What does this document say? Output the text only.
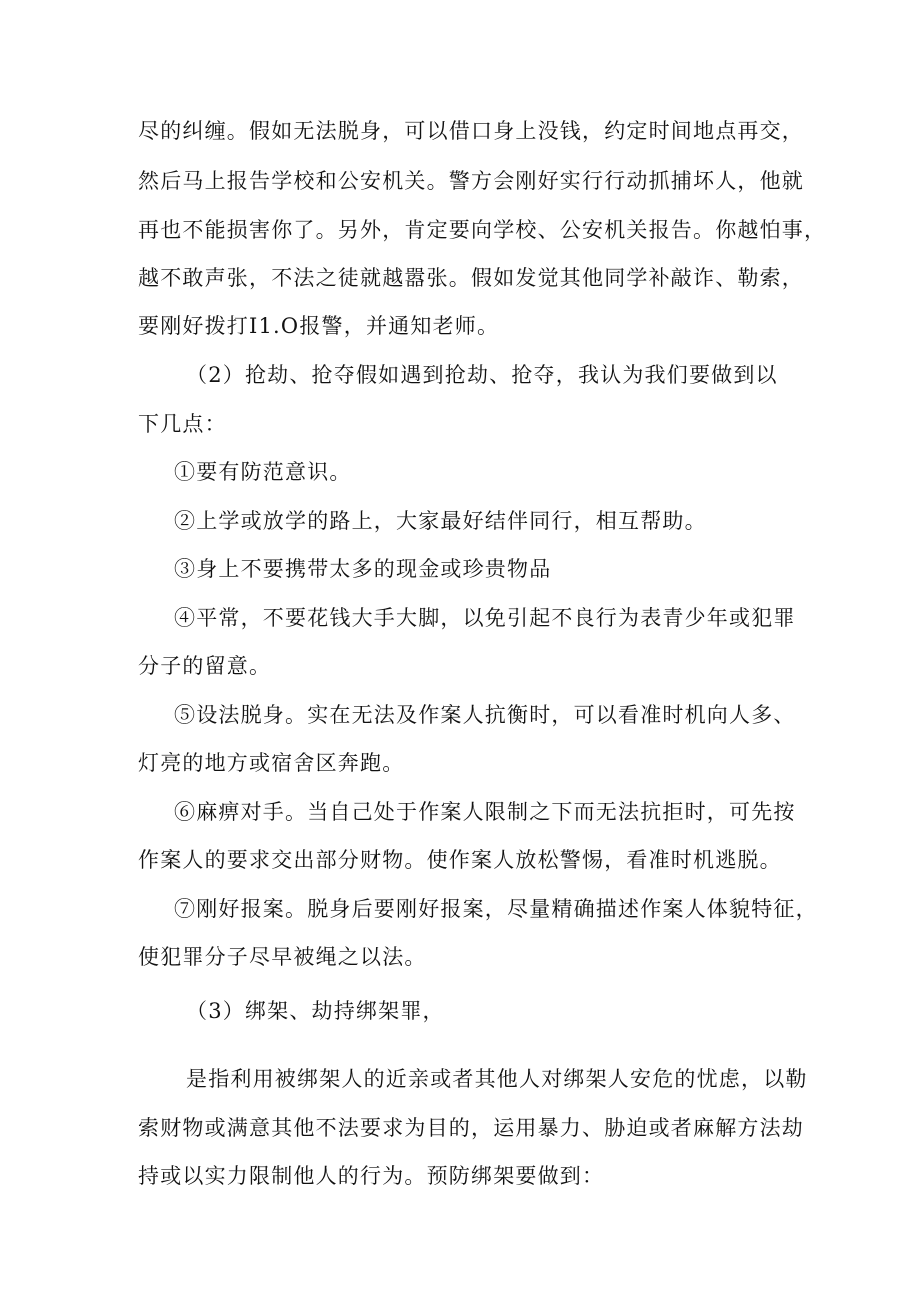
尽的纠缠。假如无法脱身，可以借口身上没钱，约定时间地点再交，
然后马上报告学校和公安机关。警方会刚好实行行动抓捕坏人，他就
再也不能损害你了。另外，肯定要向学校、公安机关报告。你越怕事，
越不敢声张，不法之徒就越嚣张。假如发觉其他同学补敲诈、勒索，
要刚好拨打I1.O报警，并通知老师。
（2）抢劫、抢夺假如遇到抢劫、抢夺，我认为我们要做到以
下几点：
①要有防范意识。
②上学或放学的路上，大家最好结伴同行，相互帮助。
③身上不要携带太多的现金或珍贵物品
④平常，不要花钱大手大脚，以免引起不良行为表青少年或犯罪
分子的留意。
⑤设法脱身。实在无法及作案人抗衡时，可以看准时机向人多、
灯亮的地方或宿舍区奔跑。
⑥麻痹对手。当自己处于作案人限制之下而无法抗拒时，可先按
作案人的要求交出部分财物。使作案人放松警惕，看准时机逃脱。
⑦刚好报案。脱身后要刚好报案，尽量精确描述作案人体貌特征，
使犯罪分子尽早被绳之以法。
（3）绑架、劫持绑架罪，
是指利用被绑架人的近亲或者其他人对绑架人安危的忧虑，以勒
索财物或满意其他不法要求为目的，运用暴力、胁迫或者麻解方法劫
持或以实力限制他人的行为。预防绑架要做到：
